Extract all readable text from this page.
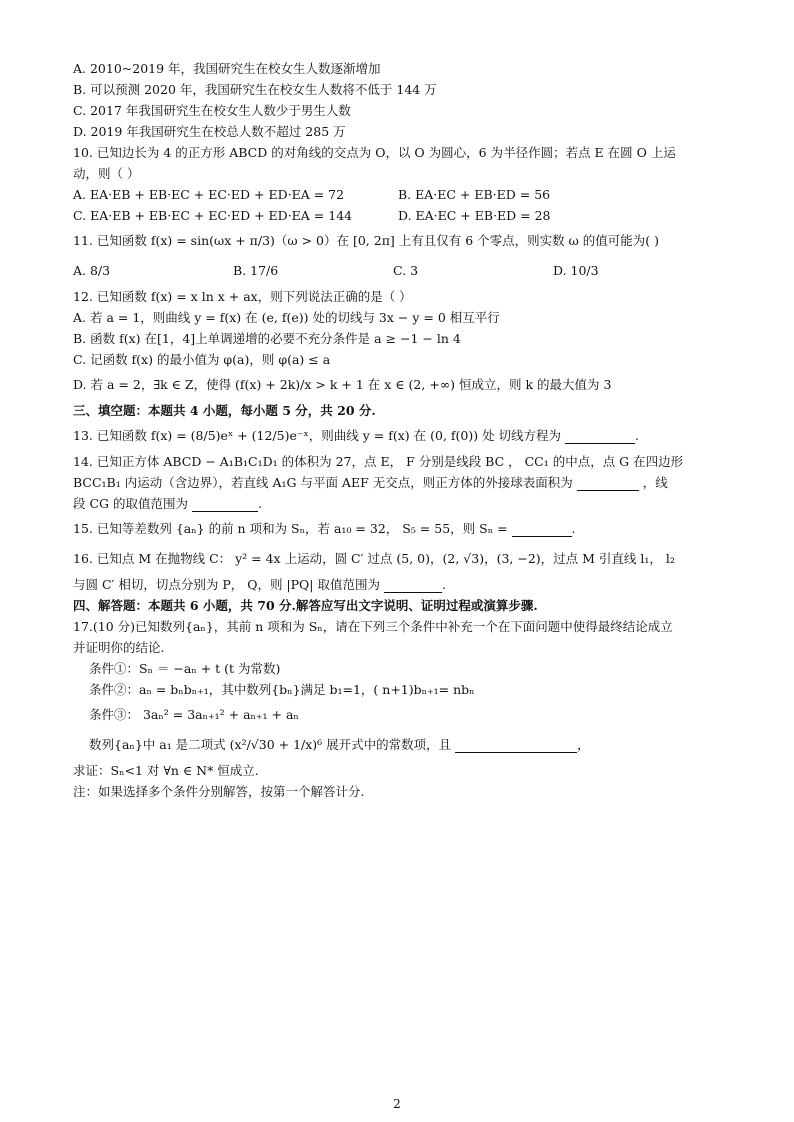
A. 2010~2019 年，我国研究生在校女生人数逐渐增加
B. 可以预测 2020 年，我国研究生在校女生人数将不低于 144 万
C. 2017 年我国研究生在校女生人数少于男生人数
D. 2019 年我国研究生在校总人数不超过 285 万
10. 已知边长为 4 的正方形 ABCD 的对角线的交点为 O，以 O 为圆心，6 为半径作圆；若点 E 在圆 O 上运
动，则（ ）
A. EA·EB + EB·EC + EC·ED + ED·EA = 72	B. EA·EC + EB·ED = 56
C. EA·EB + EB·EC + EC·ED + ED·EA = 144	D. EA·EC + EB·ED = 28
11. 已知函数 f(x) = sin(ωx + π/3)（ω > 0）在 [0, 2π] 上有且仅有 6 个零点，则实数 ω 的值可能为( )
A. 8/3	B. 17/6	C. 3	D. 10/3
12. 已知函数 f(x) = x ln x + ax，则下列说法正确的是（ ）
A. 若 a = 1，则曲线 y = f(x) 在 (e, f(e)) 处的切线与 3x − y = 0 相互平行
B. 函数 f(x) 在[1，4]上单调递增的必要不充分条件是 a ≥ −1 − ln 4
C. 记函数 f(x) 的最小值为 φ(a)，则 φ(a) ≤ a
D. 若 a = 2，∃k ∈ Z，使得 (f(x) + 2k)/x > k + 1 在 x ∈ (2, +∞) 恒成立，则 k 的最大值为 3
三、填空题：本题共 4 小题，每小题 5 分，共 20 分.
13. 已知函数 f(x) = (8/5)eˣ + (12/5)e⁻ˣ，则曲线 y = f(x) 在 (0, f(0)) 处 切线方程为	.
14. 已知正方体 ABCD − A₁B₁C₁D₁ 的体积为 27，点 E， F 分别是线段 BC ， CC₁ 的中点，点 G 在四边形
BCC₁B₁ 内运动（含边界），若直线 A₁G 与平面 AEF 无交点，则正方体的外接球表面积为	，线
段 CG 的取值范围为	.
15. 已知等差数列 {aₙ} 的前 n 项和为 Sₙ，若 a₁₀ = 32， S₅ = 55，则 Sₙ =	.
16. 已知点 M 在抛物线 C： y² = 4x 上运动，圆 C′ 过点 (5, 0)，(2, √3)，(3, −2)，过点 M 引直线 l₁， l₂
与圆 C′ 相切，切点分别为 P， Q，则 |PQ| 取值范围为	.
四、解答题：本题共 6 小题，共 70 分.解答应写出文字说明、证明过程或演算步骤.
17.(10 分)已知数列{aₙ}，其前 n 项和为 Sₙ，请在下列三个条件中补充一个在下面问题中使得最终结论成立
并证明你的结论.
条件①：Sₙ ＝ −aₙ + t (t 为常数)
条件②：aₙ = bₙbₙ₊₁，其中数列{bₙ}满足 b₁=1，( n+1)bₙ₊₁= nbₙ
条件③： 3aₙ² = 3aₙ₊₁² + aₙ₊₁ + aₙ
数列{aₙ}中 a₁ 是二项式 (x²/√30 + 1/x)⁶ 展开式中的常数项，且	，
求证：Sₙ<1 对 ∀n ∈ N* 恒成立.
注：如果选择多个条件分别解答，按第一个解答计分.
2
